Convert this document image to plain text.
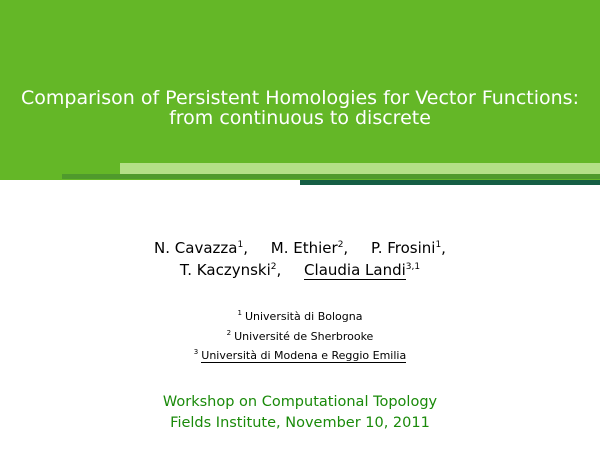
Comparison of Persistent Homologies for Vector Functions:
from continuous to discrete
N. Cavazza$^1$, M. Ethier$^2$, P. Frosini$^1$,
T. Kaczynski$^2$, Claudia Landi$^{3,1}$
$^1$ Università di Bologna
$^2$ Université de Sherbrooke
$^3$ Università di Modena e Reggio Emilia
Workshop on Computational Topology
Fields Institute, November 10, 2011
